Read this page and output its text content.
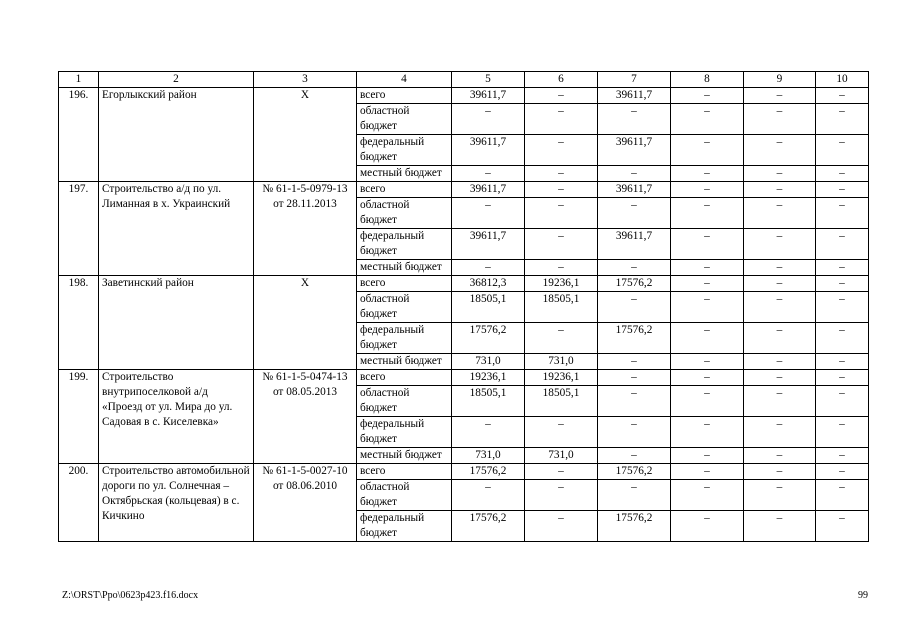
1	2	3	4	5	6	7	8	9	10
196.	Егорлыкский район	X	всего	39611,7	–	39611,7	–	–	–
			областной бюджет	–	–	–	–	–	–
			федеральный бюджет	39611,7	–	39611,7	–	–	–
			местный бюджет	–	–	–	–	–	–
197.	Строительство а/д по ул. Лиманная в х. Украинский	№ 61-1-5-0979-13 от 28.11.2013	всего	39611,7	–	39611,7	–	–	–
			областной бюджет	–	–	–	–	–	–
			федеральный бюджет	39611,7	–	39611,7	–	–	–
			местный бюджет	–	–	–	–	–	–
198.	Заветинский район	X	всего	36812,3	19236,1	17576,2	–	–	–
			областной бюджет	18505,1	18505,1	–	–	–	–
			федеральный бюджет	17576,2	–	17576,2	–	–	–
			местный бюджет	731,0	731,0	–	–	–	–
199.	Строительство внутрипоселковой а/д «Проезд от ул. Мира до ул. Садовая в с. Киселевка»	№ 61-1-5-0474-13 от 08.05.2013	всего	19236,1	19236,1	–	–	–	–
			областной бюджет	18505,1	18505,1	–	–	–	–
			федеральный бюджет	–	–	–	–	–	–
			местный бюджет	731,0	731,0	–	–	–	–
200.	Строительство автомобильной дороги по ул. Солнечная – Октябрьская (кольцевая) в с. Кичкино	№ 61-1-5-0027-10 от 08.06.2010	всего	17576,2	–	17576,2	–	–	–
			областной бюджет	–	–	–	–	–	–
			федеральный бюджет	17576,2	–	17576,2	–	–	–
Z:\ORST\Ppo\0623p423.f16.docx	99
